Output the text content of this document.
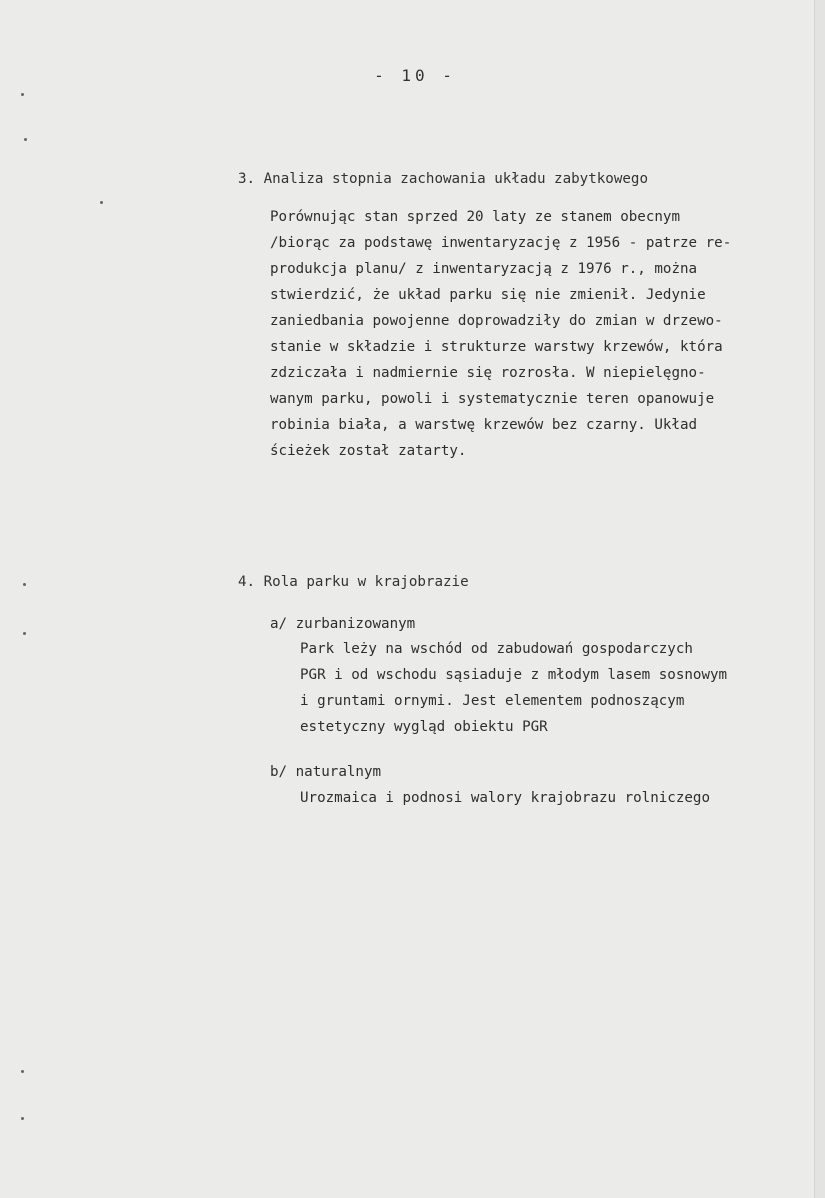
- 10 -
3. Analiza stopnia zachowania układu zabytkowego
Porównując stan sprzed 20 laty ze stanem obecnym
/biorąc za podstawę inwentaryzację z 1956 - patrze re-
produkcja planu/ z inwentaryzacją z 1976 r., można
stwierdzić, że układ parku się nie zmienił. Jedynie
zaniedbania powojenne doprowadziły do zmian w drzewo-
stanie w składzie i strukturze warstwy krzewów, która
zdziczała i nadmiernie się rozrosła. W niepielęgno-
wanym parku, powoli i systematycznie teren opanowuje
robinia biała, a warstwę krzewów bez czarny. Układ
ścieżek został zatarty.
4. Rola parku w krajobrazie
a/ zurbanizowanym
Park leży na wschód od zabudowań gospodarczych
PGR i od wschodu sąsiaduje z młodym lasem sosnowym
i gruntami ornymi. Jest elementem podnoszącym
estetyczny wygląd obiektu PGR
b/ naturalnym
Urozmaica i podnosi walory krajobrazu rolniczego
